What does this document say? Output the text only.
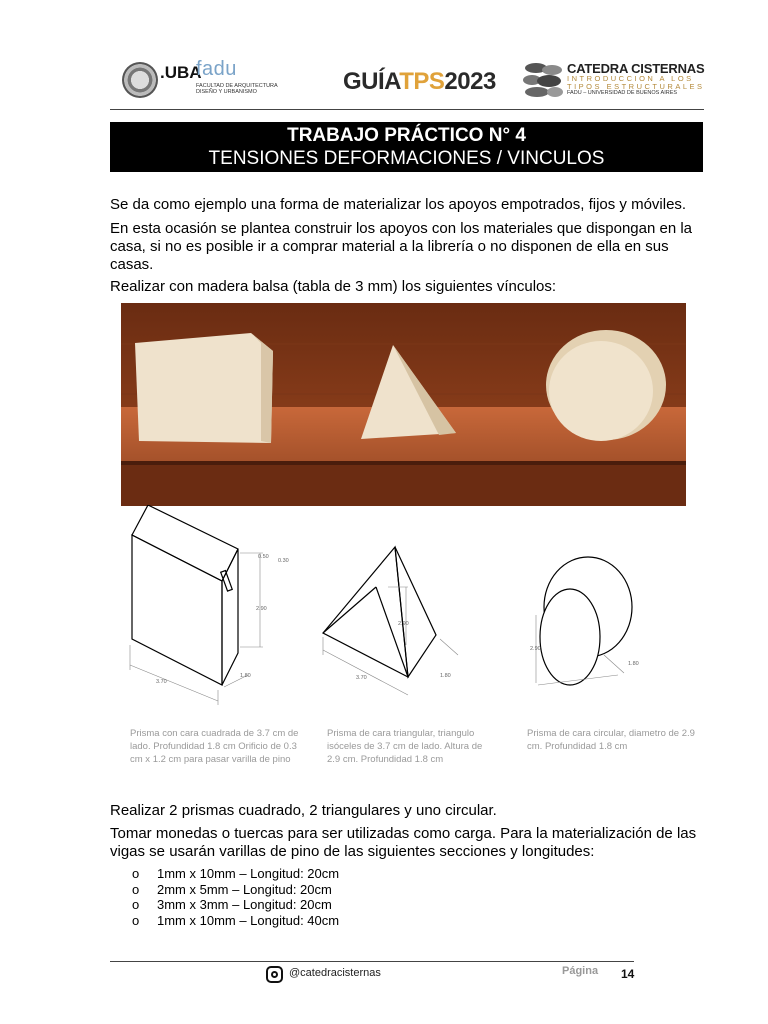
.UBA
fadu
FACULTAD DE ARQUITECTURA DISEÑO Y URBANISMO	GUÍATPS2023	CATEDRA CISTERNAS
INTRODUCCION A LOS
TIPOS ESTRUCTURALES
FADU – UNIVERSIDAD DE BUENOS AIRES
TRABAJO PRÁCTICO N° 4
TENSIONES DEFORMACIONES / VINCULOS
Se da como ejemplo una forma de materializar los apoyos empotrados, fijos y móviles.
En esta ocasión se plantea construir los apoyos con los materiales que dispongan en la casa, si no es posible ir a comprar material a la librería o no disponen de ella en sus casas.
Realizar con madera balsa (tabla de 3 mm) los siguientes vínculos:
0.50
0.30
2.90
3.70
1.80
2.90
3.70	1.80
2.90
1.80
Prisma con cara cuadrada de 3.7 cm de lado. Profundidad 1.8 cm Orificio de 0.3 cm x 1.2 cm para pasar varilla de pino
Prisma de cara triangular, triangulo isóceles de 3.7 cm de lado. Altura de 2.9 cm. Profundidad 1.8 cm
Prisma de cara circular, diametro de 2.9 cm. Profundidad 1.8 cm
Realizar 2 prismas cuadrado, 2 triangulares y uno circular.
Tomar monedas o tuercas para ser utilizadas como carga. Para la materialización de las vigas se usarán varillas de pino de las siguientes secciones y longitudes:
o	1mm x 10mm – Longitud: 20cm
o	2mm x 5mm – Longitud: 20cm
o	3mm x 3mm – Longitud: 20cm
o	1mm x 10mm – Longitud: 40cm
@catedracisternas	Página 14
